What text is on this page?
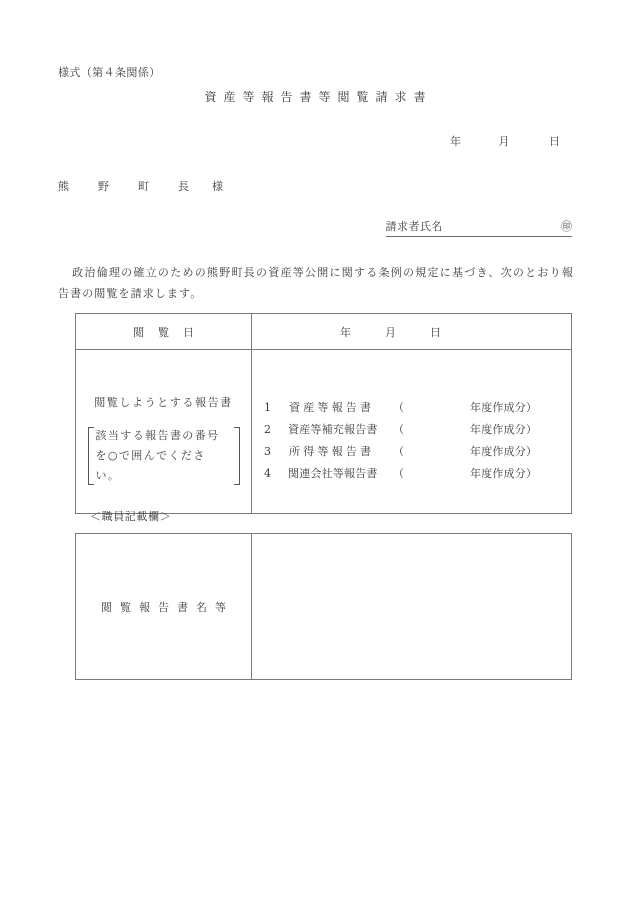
様式（第４条関係）
資産等報告書等閲覧請求書
年	月	日
熊　野　町　長 様
請求者氏名	㊞
政治倫理の確立のための熊野町長の資産等公開に関する条例の規定に基づき、次のとおり報告書の閲覧を請求します。
閲覧日	年 月 日

閲覧しようとする報告書
該当する報告書の番号
を○で囲んでくださ
い。

1	資産等報告書	（	年度作成分）
2	資産等補充報告書	（	年度作成分）
3	所得等報告書	（	年度作成分）
4	関連会社等報告書	（	年度作成分）
＜職員記載欄＞
閲覧報告書名等	
